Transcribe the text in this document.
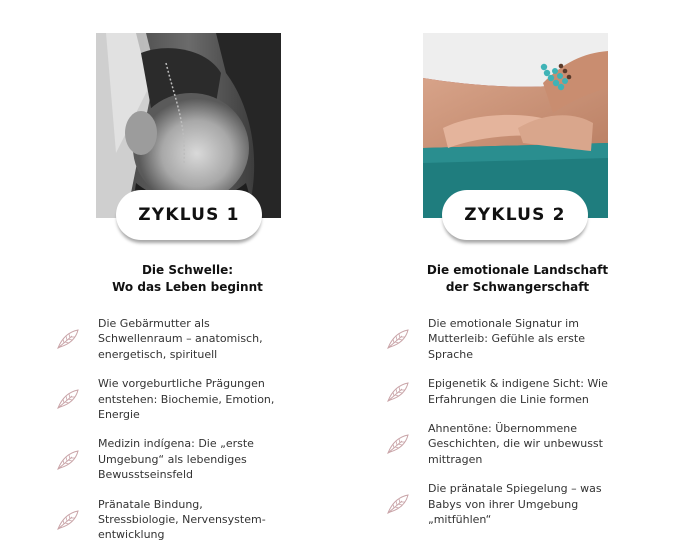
ZYKLUS 1
Die Schwelle:
Wo das Leben beginnt
Die Gebärmutter als
Schwellenraum – anatomisch,
energetisch, spirituell
Wie vorgeburtliche Prägungen
entstehen: Biochemie, Emotion,
Energie
Medizin indígena: Die „erste
Umgebung“ als lebendiges
Bewusstseinsfeld
Pränatale Bindung,
Stressbiologie, Nervensystem-
entwicklung
ZYKLUS 2
Die emotionale Landschaft
der Schwangerschaft
Die emotionale Signatur im
Mutterleib: Gefühle als erste
Sprache
Epigenetik & indigene Sicht: Wie
Erfahrungen die Linie formen
Ahnentöne: Übernommene
Geschichten, die wir unbewusst
mittragen
Die pränatale Spiegelung – was
Babys von ihrer Umgebung
„mitfühlen“
